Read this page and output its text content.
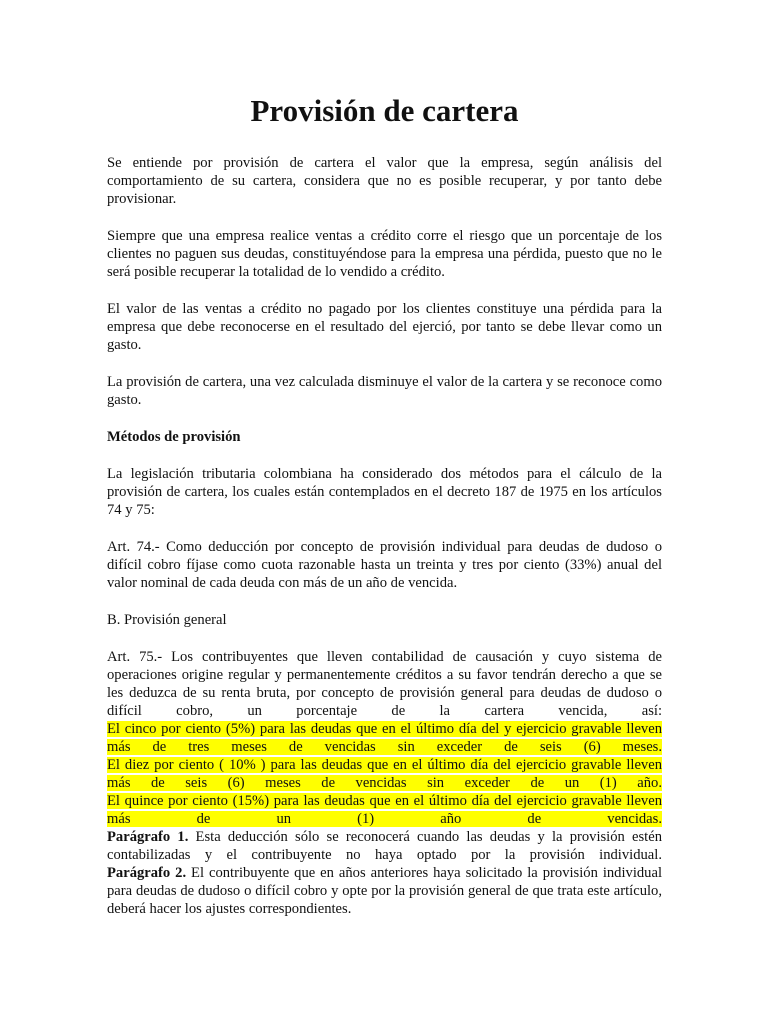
Provisión de cartera

Se entiende por provisión de cartera el valor que la empresa, según análisis del comportamiento de su cartera, considera que no es posible recuperar, y por tanto debe provisionar.

Siempre que una empresa realice ventas a crédito corre el riesgo que un porcentaje de los clientes no paguen sus deudas, constituyéndose para la empresa una pérdida, puesto que no le será posible recuperar la totalidad de lo vendido a crédito.

El valor de las ventas a crédito no pagado por los clientes constituye una pérdida para la empresa que debe reconocerse en el resultado del ejerció, por tanto se debe llevar como un gasto.

La provisión de cartera, una vez calculada disminuye el valor de la cartera y se reconoce como gasto.

Métodos de provisión

La legislación tributaria colombiana ha considerado dos métodos para el cálculo de la provisión de cartera, los cuales están contemplados en el decreto 187 de 1975 en los artículos 74 y 75:

Art. 74.- Como deducción por concepto de provisión individual para deudas de dudoso o difícil cobro fíjase como cuota razonable hasta un treinta y tres por ciento (33%) anual del valor nominal de cada deuda con más de un año de vencida.

B. Provisión general

Art. 75.- Los contribuyentes que lleven contabilidad de causación y cuyo sistema de operaciones origine regular y permanentemente créditos a su favor tendrán derecho a que se les deduzca de su renta bruta, por concepto de provisión general para deudas de dudoso o difícil cobro, un porcentaje de la cartera vencida, así:
El cinco por ciento (5%) para las deudas que en el último día del y ejercicio gravable lleven más de tres meses de vencidas sin exceder de seis (6) meses.
El diez por ciento ( 10% ) para las deudas que en el último día del ejercicio gravable lleven más de seis (6) meses de vencidas sin exceder de un (1) año.
El quince por ciento (15%) para las deudas que en el último día del ejercicio gravable lleven más de un (1) año de vencidas.
Parágrafo 1. Esta deducción sólo se reconocerá cuando las deudas y la provisión estén contabilizadas y el contribuyente no haya optado por la provisión individual.
Parágrafo 2. El contribuyente que en años anteriores haya solicitado la provisión individual para deudas de dudoso o difícil cobro y opte por la provisión general de que trata este artículo, deberá hacer los ajustes correspondientes.
